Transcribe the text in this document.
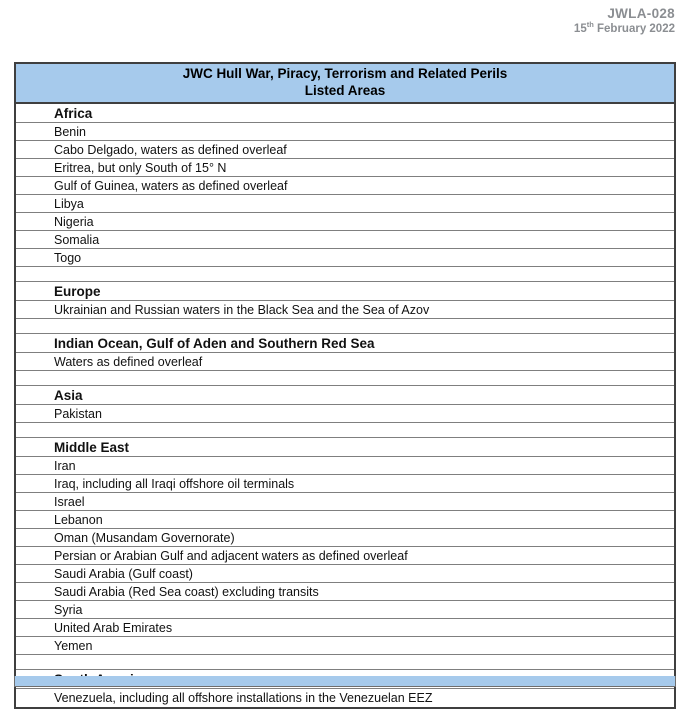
JWLA-028
15th February 2022
JWC Hull War, Piracy, Terrorism and Related Perils
Listed Areas
Africa
Benin
Cabo Delgado, waters as defined overleaf
Eritrea, but only South of 15° N
Gulf of Guinea, waters as defined overleaf
Libya
Nigeria
Somalia
Togo
Europe
Ukrainian and Russian waters in the Black Sea and the Sea of Azov
Indian Ocean, Gulf of Aden and Southern Red Sea
Waters as defined overleaf
Asia
Pakistan
Middle East
Iran
Iraq, including all Iraqi offshore oil terminals
Israel
Lebanon
Oman (Musandam Governorate)
Persian or Arabian Gulf and adjacent waters as defined overleaf
Saudi Arabia (Gulf coast)
Saudi Arabia (Red Sea coast) excluding transits
Syria
United Arab Emirates
Yemen
Venezuela, including all offshore installations in the Venezuelan EEZ
